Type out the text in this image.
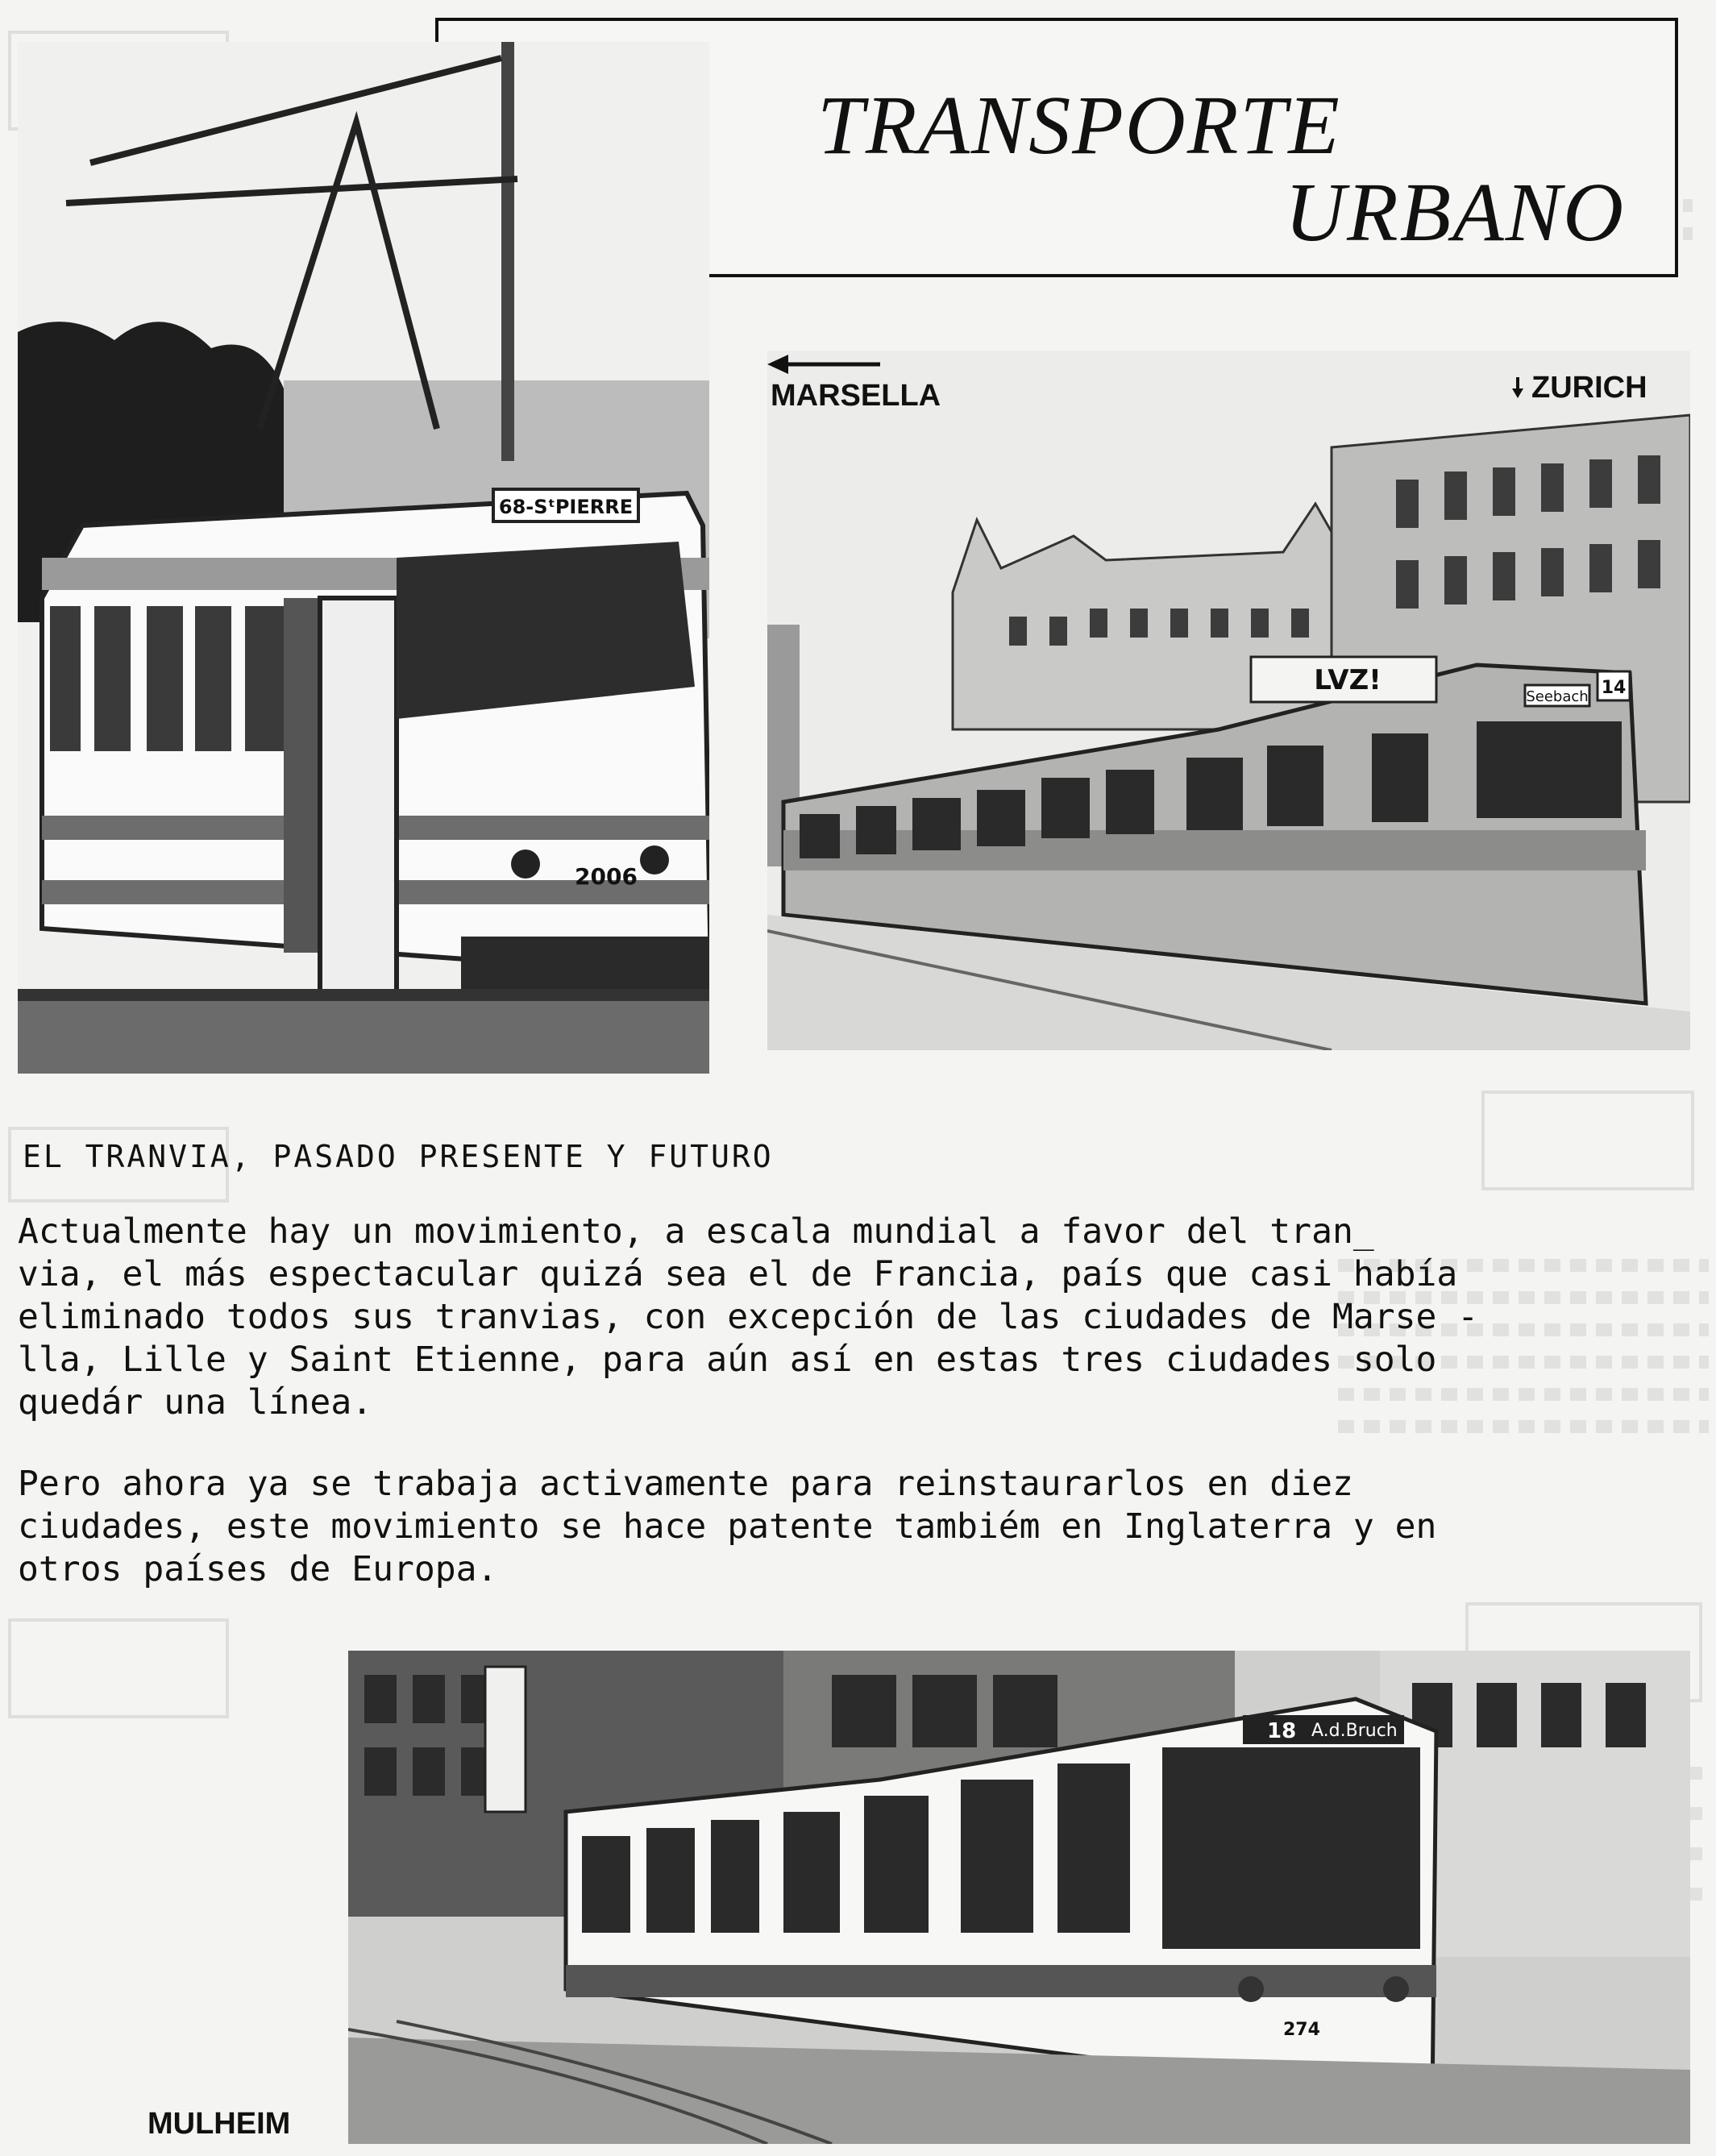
TRANSPORTE
URBANO
68-SᵗPIERRE
2006
Seebach 14
LVZ!
MARSELLA	ZURICH
EL TRANVIA, PASADO PRESENTE Y FUTURO
Actualmente hay un movimiento, a escala mundial a favor del tran̲
via, el más espectacular quizá sea el de Francia, país que casi había
eliminado todos sus tranvias, con excepción de las ciudades de Marse -
lla, Lille y Saint Etienne, para aún así en estas tres ciudades solo
quedár una línea.
Pero ahora ya se trabaja activamente para reinstaurarlos en diez
ciudades, este movimiento se hace patente tambiém en Inglaterra y en
otros países de Europa.
18 A.d.Bruch
274
MULHEIM
